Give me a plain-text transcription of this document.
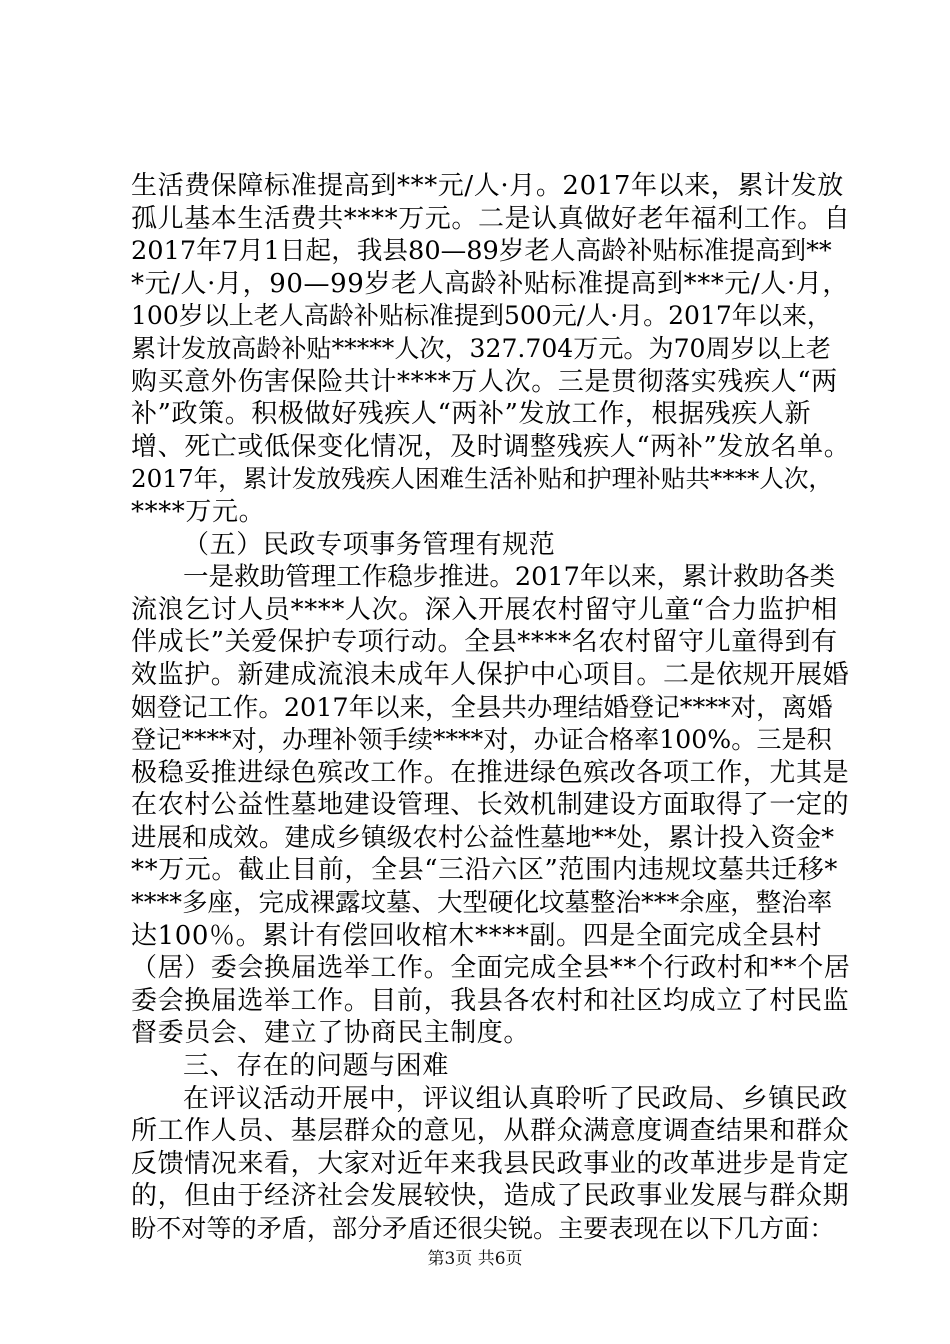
生活费保障标准提高到***元/人·月。2017年以来，累计发放
孤儿基本生活费共****万元。二是认真做好老年福利工作。自
2017年7月1日起，我县80—89岁老人高龄补贴标准提高到**
*元/人·月，90—99岁老人高龄补贴标准提高到***元/人·月，
100岁以上老人高龄补贴标准提到500元/人·月。2017年以来，
累计发放高龄补贴*****人次，327.704万元。为70周岁以上老
购买意外伤害保险共计****万人次。三是贯彻落实残疾人“两
补”政策。积极做好残疾人“两补”发放工作，根据残疾人新
增、死亡或低保变化情况，及时调整残疾人“两补”发放名单。
2017年，累计发放残疾人困难生活补贴和护理补贴共****人次，
****万元。
（五）民政专项事务管理有规范
一是救助管理工作稳步推进。2017年以来，累计救助各类
流浪乞讨人员****人次。深入开展农村留守儿童“合力监护相
伴成长”关爱保护专项行动。全县****名农村留守儿童得到有
效监护。新建成流浪未成年人保护中心项目。二是依规开展婚
姻登记工作。2017年以来，全县共办理结婚登记****对，离婚
登记****对，办理补领手续****对，办证合格率100%。三是积
极稳妥推进绿色殡改工作。在推进绿色殡改各项工作，尤其是
在农村公益性墓地建设管理、长效机制建设方面取得了一定的
进展和成效。建成乡镇级农村公益性墓地**处，累计投入资金*
**万元。截止目前，全县“三沿六区”范围内违规坟墓共迁移*
****多座，完成裸露坟墓、大型硬化坟墓整治***余座，整治率
达100％。累计有偿回收棺木****副。四是全面完成全县村
（居）委会换届选举工作。全面完成全县**个行政村和**个居
委会换届选举工作。目前，我县各农村和社区均成立了村民监
督委员会、建立了协商民主制度。
三、存在的问题与困难
在评议活动开展中，评议组认真聆听了民政局、乡镇民政
所工作人员、基层群众的意见，从群众满意度调查结果和群众
反馈情况来看，大家对近年来我县民政事业的改革进步是肯定
的，但由于经济社会发展较快，造成了民政事业发展与群众期
盼不对等的矛盾，部分矛盾还很尖锐。主要表现在以下几方面：
第3页 共6页
